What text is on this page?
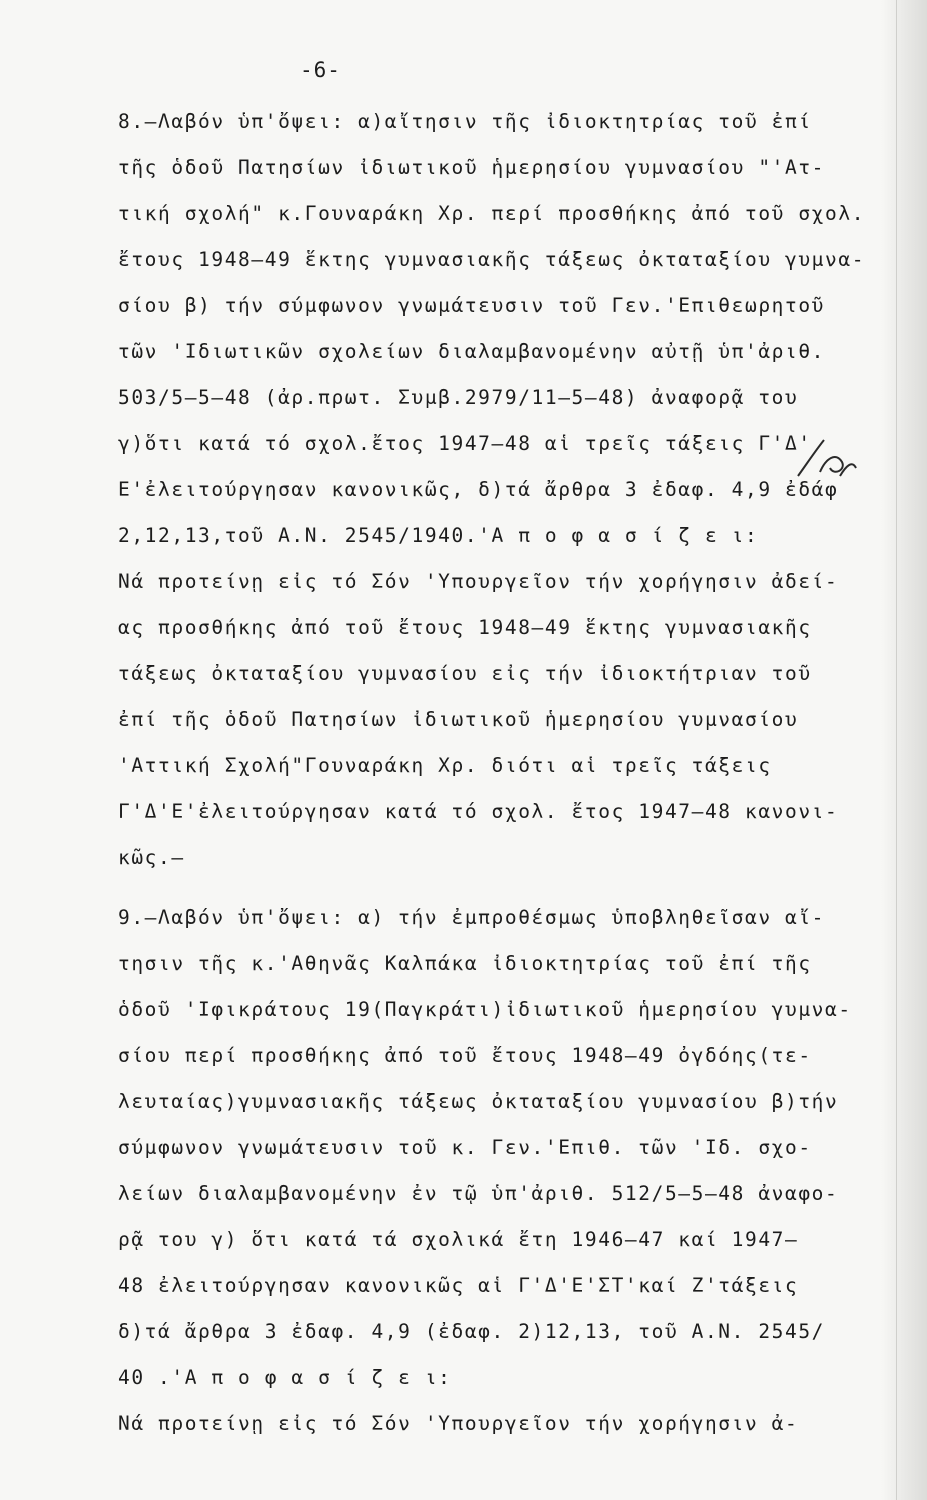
-6-
8.–Λαβόν ὑπ'ὄψει: α)αἴτησιν τῆς ἰδιοκτητρίας τοῦ ἐπί
τῆς ὁδοῦ Πατησίων ἰδιωτικοῦ ἡμερησίου γυμνασίου "'Ατ-
τική σχολή" κ.Γουναράκη Χρ. περί προσθήκης ἀπό τοῦ σχολ.
ἔτους 1948–49 ἕκτης γυμνασιακῆς τάξεως ὀκταταξίου γυμνα-
σίου β) τήν σύμφωνον γνωμάτευσιν τοῦ Γεν.'Επιθεωρητοῦ
τῶν 'Ιδιωτικῶν σχολείων διαλαμβανομένην αὐτῇ ὑπ'ἀριθ.
503/5–5–48 (ἀρ.πρωτ. Συμβ.2979/11–5–48) ἀναφορᾷ του
γ)ὅτι κατά τό σχολ.ἔτος 1947–48 αἱ τρεῖς τάξεις Γ'Δ'
Ε'ἐλειτούργησαν κανονικῶς, δ)τά ἄρθρα 3 ἐδαφ. 4,9 ἐδάφ
2,12,13,τοῦ Α.Ν. 2545/1940.'Α π ο φ α σ ί ζ ε ι:
Νά προτείνῃ εἰς τό Σόν 'Υπουργεῖον τήν χορήγησιν ἀδεί-
ας προσθήκης ἀπό τοῦ ἔτους 1948–49 ἕκτης γυμνασιακῆς
τάξεως ὀκταταξίου γυμνασίου εἰς τήν ἰδιοκτήτριαν τοῦ
ἐπί τῆς ὁδοῦ Πατησίων ἰδιωτικοῦ ἡμερησίου γυμνασίου
'Αττική Σχολή"Γουναράκη Χρ. διότι αἱ τρεῖς τάξεις
Γ'Δ'Ε'ἐλειτούργησαν κατά τό σχολ. ἔτος 1947–48 κανονι-
κῶς.–
9.–Λαβόν ὑπ'ὄψει: α) τήν ἐμπροθέσμως ὑποβληθεῖσαν αἴ-
τησιν τῆς κ.'Αθηνᾶς Καλπάκα ἰδιοκτητρίας τοῦ ἐπί τῆς
ὁδοῦ 'Ιφικράτους 19(Παγκράτι)ἰδιωτικοῦ ἡμερησίου γυμνα-
σίου περί προσθήκης ἀπό τοῦ ἔτους 1948–49 ὀγδόης(τε-
λευταίας)γυμνασιακῆς τάξεως ὀκταταξίου γυμνασίου β)τήν
σύμφωνον γνωμάτευσιν τοῦ κ. Γεν.'Επιθ. τῶν 'Ιδ. σχο-
λείων διαλαμβανομένην ἐν τῷ ὑπ'ἀριθ. 512/5–5–48 ἀναφο-
ρᾷ του γ) ὅτι κατά τά σχολικά ἔτη 1946–47 καί 1947–
48 ἐλειτούργησαν κανονικῶς αἱ Γ'Δ'Ε'ΣΤ'καί Ζ'τάξεις
δ)τά ἄρθρα 3 ἐδαφ. 4,9 (ἐδαφ. 2)12,13, τοῦ Α.Ν. 2545/
40 .'Α π ο φ α σ ί ζ ε ι:
Νά προτείνῃ εἰς τό Σόν 'Υπουργεῖον τήν χορήγησιν ἀ-
